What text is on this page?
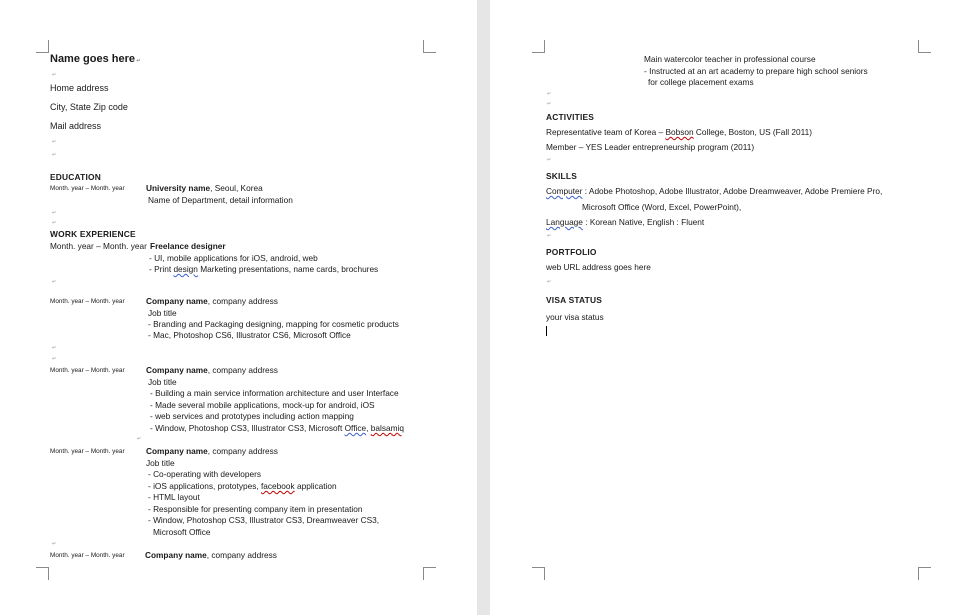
Name goes here ↵
↵
Home address
City, State Zip code
Mail address
↵
↵
EDUCATION
Month. year – Month. year	University name, Seoul, Korea
Name of Department, detail information
↵
↵
WORK EXPERIENCE
Month. year – Month. year Freelance designer
- UI, mobile applications for iOS, android, web
- Print design Marketing presentations, name cards, brochures
↵
Month. year – Month. year	Company name, company address
Job title
- Branding and Packaging designing, mapping for cosmetic products
- Mac, Photoshop CS6, Illustrator CS6, Microsoft Office
↵
↵
Month. year – Month. year	Company name, company address
Job title
- Building a main service information architecture and user Interface
- Made several mobile applications, mock-up for android, iOS
- web services and prototypes including action mapping
- Window, Photoshop CS3, Illustrator CS3, Microsoft Office, balsamiq
↵
Month. year – Month. year	Company name, company address
Job title
- Co-operating with developers
- iOS applications, prototypes, facebook application
- HTML layout
- Responsible for presenting company item in presentation
- Window, Photoshop CS3, Illustrator CS3, Dreamweaver CS3,
Microsoft Office
↵
Month. year – Month. year Company name, company address
Main watercolor teacher in professional course
- Instructed at an art academy to prepare high school seniors
for college placement exams
↵
↵
ACTIVITIES
Representative team of Korea – Bobson College, Boston, US (Fall 2011)
Member – YES Leader entrepreneurship program (2011)
↵
SKILLS
Computer : Adobe Photoshop, Adobe Illustrator, Adobe Dreamweaver, Adobe Premiere Pro,
Microsoft Office (Word, Excel, PowerPoint),
Language : Korean Native, English : Fluent
↵
PORTFOLIO
web URL address goes here
↵
VISA STATUS
your visa status
